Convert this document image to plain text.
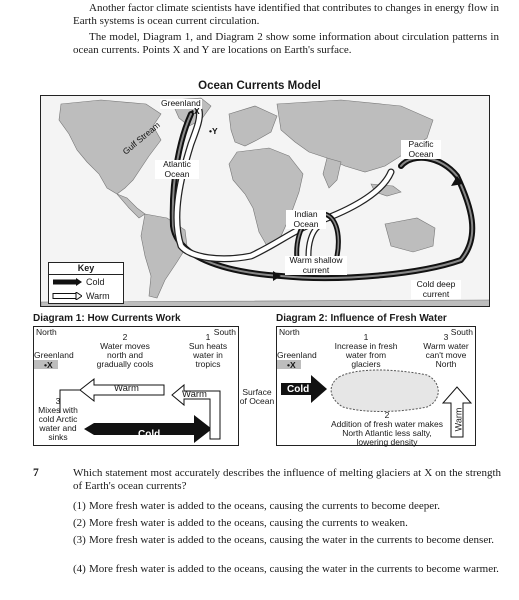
Another factor climate scientists have identified that contributes to changes in energy flow in Earth systems is ocean current circulation.
The model, Diagram 1, and Diagram 2 show some information about circulation patterns in ocean currents. Points X and Y are locations on Earth's surface.
Ocean Currents Model
Greenland
•X
•Y
Gulf Stream
Atlantic Ocean
Pacific Ocean
Indian Ocean
Warm shallow current
Cold deep current
Key
Cold
Warm
Diagram 1: How Currents Work
North	South
Greenland
•X
2
Water moves north and gradually cools
1
Sun heats water in tropics
3
Mixes with cold Arctic water and sinks
Warm
Warm
Cold
Surface of Ocean
Diagram 2: Influence of Fresh Water
North	South
Greenland
•X
1
Increase in fresh water from glaciers
3
Warm water can't move North
2
Addition of fresh water makes North Atlantic less salty, lowering density
Cold
Warm
7	Which statement most accurately describes the influence of melting glaciers at X on the strength of Earth's ocean currents?
(1) More fresh water is added to the oceans, causing the currents to become deeper.
(2) More fresh water is added to the oceans, causing the currents to weaken.
(3) More fresh water is added to the oceans, causing the water in the currents to become denser.
(4) More fresh water is added to the oceans, causing the water in the currents to become warmer.
